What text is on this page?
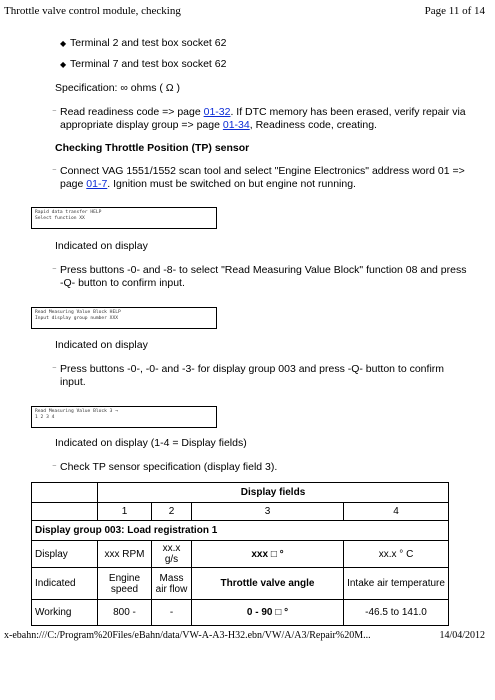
Throttle valve control module, checking	Page 11 of 14
◆ Terminal 2 and test box socket 62
◆ Terminal 7 and test box socket 62
Specification: ∞ ohms ( Ω )
⁻ Read readiness code => page 01-32. If DTC memory has been erased, verify repair via
appropriate display group => page 01-34, Readiness code, creating.
Checking Throttle Position (TP) sensor
⁻ Connect VAG 1551/1552 scan tool and select "Engine Electronics" address word 01 =>
page 01-7. Ignition must be switched on but engine not running.
Rapid data transfer HELP
Select function XX
Indicated on display
⁻ Press buttons -0- and -8- to select "Read Measuring Value Block" function 08 and press
-Q- button to confirm input.
Read Measuring Value Block HELP
Input display group number XXX
Indicated on display
⁻ Press buttons -0-, -0- and -3- for display group 003 and press -Q- button to confirm
input.
Read Measuring Value Block 3 →
1 2 3 4
Indicated on display (1-4 = Display fields)
⁻ Check TP sensor specification (display field 3).
	Display fields			
	1	2	3	4
Display group 003: Load registration 1				
Display	xxx RPM	xx.x g/s	xxx □ °	xx.x ° C
Indicated	Engine speed	Mass air flow	Throttle valve angle	Intake air temperature
Working	800 -	-	0 - 90 □ °	-46.5 to 141.0
x-ebahn:///C:/Program%20Files/eBahn/data/VW-A-A3-H32.ebn/VW/A/A3/Repair%20M...	14/04/2012
